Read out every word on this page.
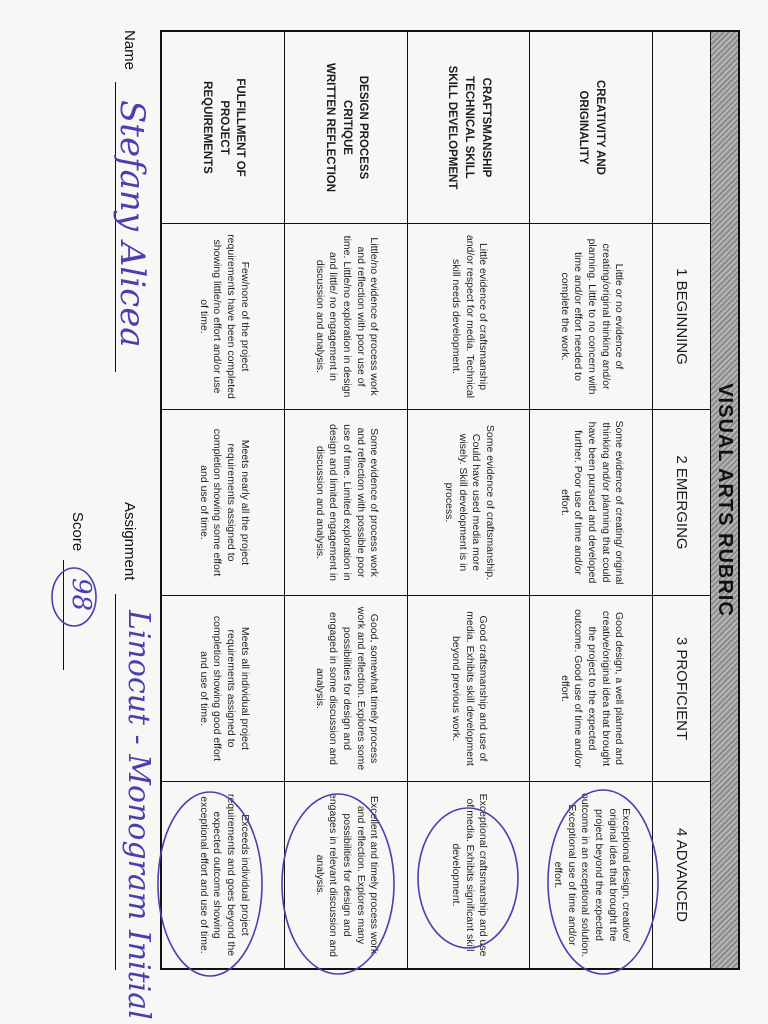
VISUAL ARTS RUBRIC
1 BEGINNING
2 EMERGING
3 PROFICIENT
4 ADVANCED
CREATIVITY AND
ORIGINALITY
Little or no evidence of creating/original thinking and/or planning. Little to no concern with time and/or effort needed to complete the work.
Some evidence of creating/ original thinking and/or planning that could have been pursued and developed further. Poor use of time and/or effort.
Good design, a well planned and creative/original idea that brought the project to the expected outcome. Good use of time and/or effort.
Exceptional design, creative/ original idea that brought the project beyond the expected outcome in an exceptional solution. Exceptional use of time and/or effort.
CRAFTSMANSHIP
TECHNICAL SKILL
SKILL DEVELOPMENT
Little evidence of craftsmanship and/or respect for media. Technical skill needs development.
Some evidence of craftsmanship. Could have used media more wisely. Skill development is in process.
Good craftsmanship and use of media. Exhibits skill development beyond previous work.
Exceptional craftsmanship and use of media. Exhibits significant skill development.
DESIGN PROCESS
CRITIQUE
WRITTEN REFLECTION
Little/no evidence of process work and reflection with poor use of time. Little/no exploration in design and little/ no engagement in discussion and analysis.
Some evidence of process work and reflection with possible poor use of time. Limited exploration in design and limited engagement in discussion and analysis.
Good, somewhat timely process work and reflection. Explores some possibilities for design and engaged in some discussion and analysis.
Excellent and timely process work and reflection. Explores many possibilities for design and engages in relevant discussion and analysis.
FULFILLMENT OF
PROJECT
REQUIREMENTS
Few/none of the project requirements have been completed showing little/no effort and/or use of time.
Meets nearly all the project requirements assigned to completion showing some effort and use of time.
Meets all individual project requirements assigned to completion showing good effort and use of time.
Exceeds individual project requirements and goes beyond the expected outcome showing exceptional effort and use of time.
Name
Stefany Alicea
Assignment
Linocut - Monogram Initial
Score
98
